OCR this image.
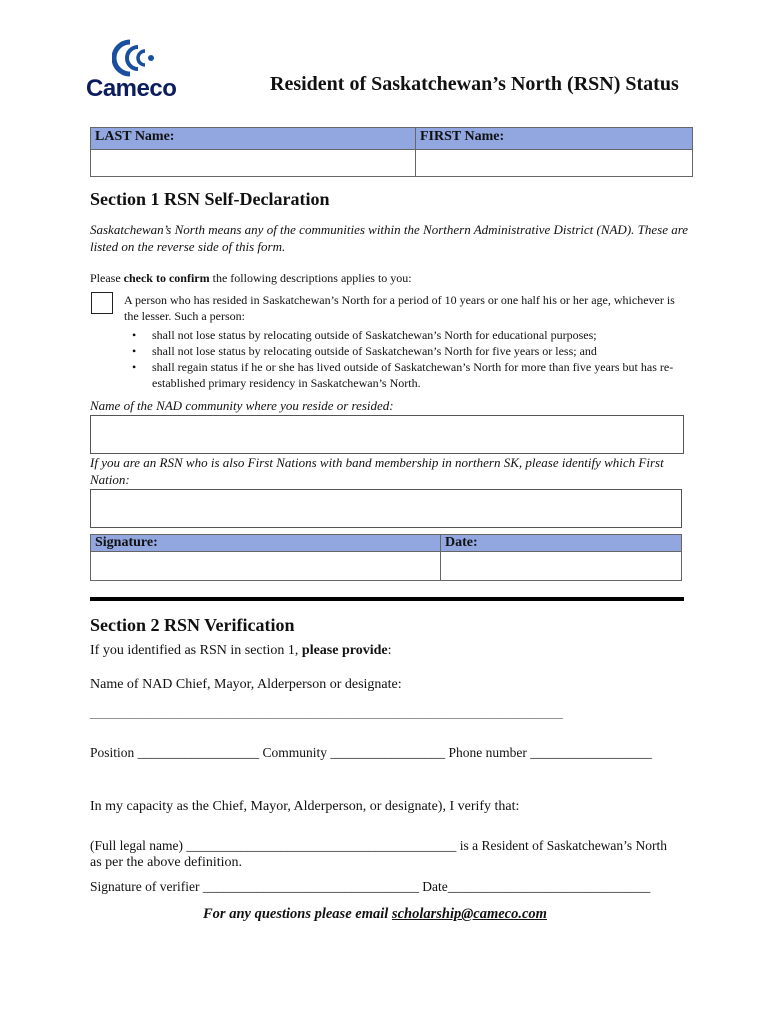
Cameco	Resident of Saskatchewan’s North (RSN) Status
LAST Name:	FIRST Name:

Section 1 RSN Self-Declaration
Saskatchewan’s North means any of the communities within the Northern Administrative District (NAD). These are listed on the reverse side of this form.
Please check to confirm the following descriptions applies to you:
A person who has resided in Saskatchewan’s North for a period of 10 years or one half his or her age, whichever is the lesser. Such a person:
• shall not lose status by relocating outside of Saskatchewan’s North for educational purposes;
• shall not lose status by relocating outside of Saskatchewan’s North for five years or less; and
• shall regain status if he or she has lived outside of Saskatchewan’s North for more than five years but has re-established primary residency in Saskatchewan’s North.
Name of the NAD community where you reside or resided:
If you are an RSN who is also First Nations with band membership in northern SK, please identify which First Nation:
Signature:	Date:

Section 2 RSN Verification
If you identified as RSN in section 1, please provide:
Name of NAD Chief, Mayor, Alderperson or designate:
______________________________________________________________________________________
Position __________________ Community _________________ Phone number __________________
In my capacity as the Chief, Mayor, Alderperson, or designate), I verify that:
(Full legal name) ________________________________________ is a Resident of Saskatchewan’s North
as per the above definition.
Signature of verifier ________________________________ Date______________________________
For any questions please email scholarship@cameco.com
